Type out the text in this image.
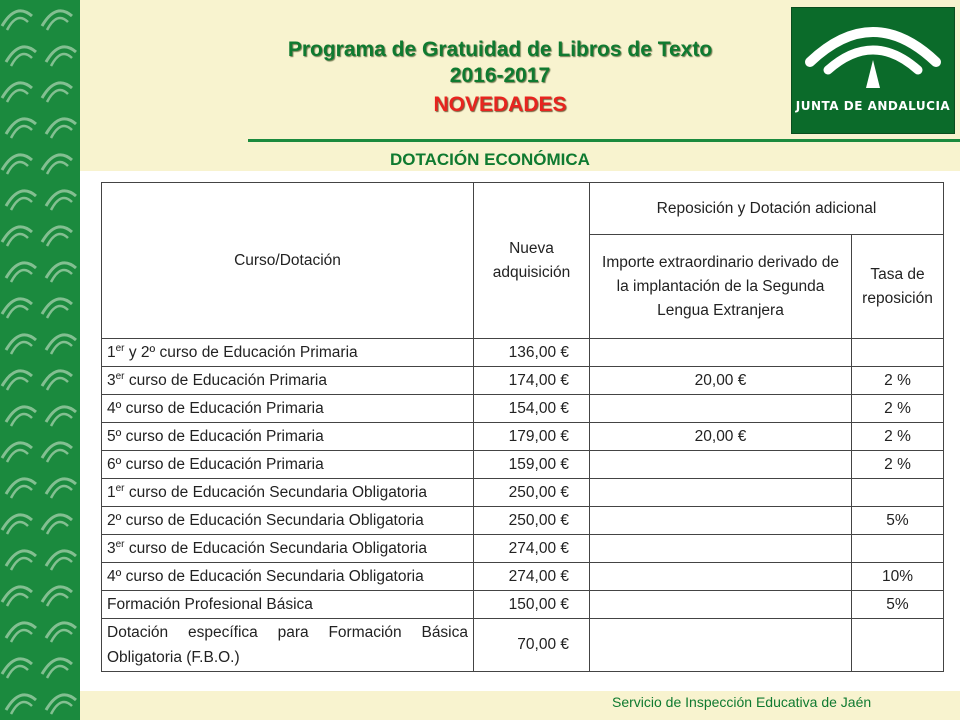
Programa de Gratuidad de Libros de Texto
2016-2017
NOVEDADES	JUNTA DE ANDALUCIA
DOTACIÓN ECONÓMICA
Curso/Dotación	Nueva adquisición	Reposición y Dotación adicional	
		Importe extraordinario derivado de la implantación de la Segunda Lengua Extranjera	Tasa de reposición
1er y 2º curso de Educación Primaria	136,00 €		
3er curso de Educación Primaria	174,00 €	20,00 €	2 %
4º curso de Educación Primaria	154,00 €		2 %
5º curso de Educación Primaria	179,00 €	20,00 €	2 %
6º curso de Educación Primaria	159,00 €		2 %
1er curso de Educación Secundaria Obligatoria	250,00 €		
2º curso de Educación Secundaria Obligatoria	250,00 €		5%
3er curso de Educación Secundaria Obligatoria	274,00 €		
4º curso de Educación Secundaria Obligatoria	274,00 €		10%
Formación Profesional Básica	150,00 €		5%
Dotación específica para Formación Básica Obligatoria (F.B.O.)	70,00 €		
Servicio de Inspección Educativa de Jaén
